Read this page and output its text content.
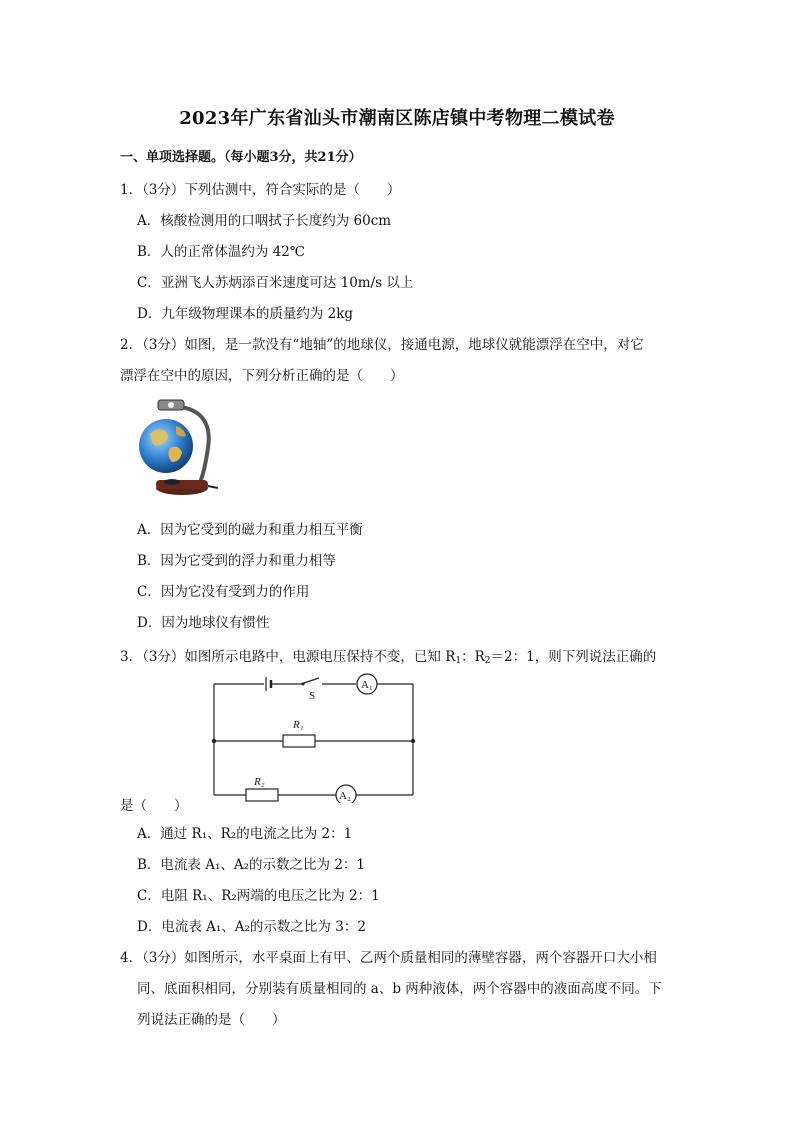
2023年广东省汕头市潮南区陈店镇中考物理二模试卷
一、单项选择题。（每小题3分，共21分）
1．（3分）下列估测中，符合实际的是（　　）
A．核酸检测用的口咽拭子长度约为 60cm
B．人的正常体温约为 42℃
C．亚洲飞人苏炳添百米速度可达 10m/s 以上
D．九年级物理课本的质量约为 2kg
2．（3分）如图，是一款没有“地轴”的地球仪，接通电源，地球仪就能漂浮在空中，对它
漂浮在空中的原因，下列分析正确的是（　　）
A．因为它受到的磁力和重力相互平衡
B．因为它受到的浮力和重力相等
C．因为它没有受到力的作用
D．因为地球仪有惯性
3．（3分）如图所示电路中，电源电压保持不变，已知 $R_1$：$R_2=2$：1，则下列说法正确的
S
A₁
R₁
R₂
A₂
是（　　）
A．通过 R₁、R₂的电流之比为 2：1
B．电流表 A₁、A₂的示数之比为 2：1
C．电阻 R₁、R₂两端的电压之比为 2：1
D．电流表 A₁、A₂的示数之比为 3：2
4．（3分）如图所示，水平桌面上有甲、乙两个质量相同的薄壁容器，两个容器开口大小相
同、底面积相同，分别装有质量相同的 a、b 两种液体，两个容器中的液面高度不同。下
列说法正确的是（　　）
